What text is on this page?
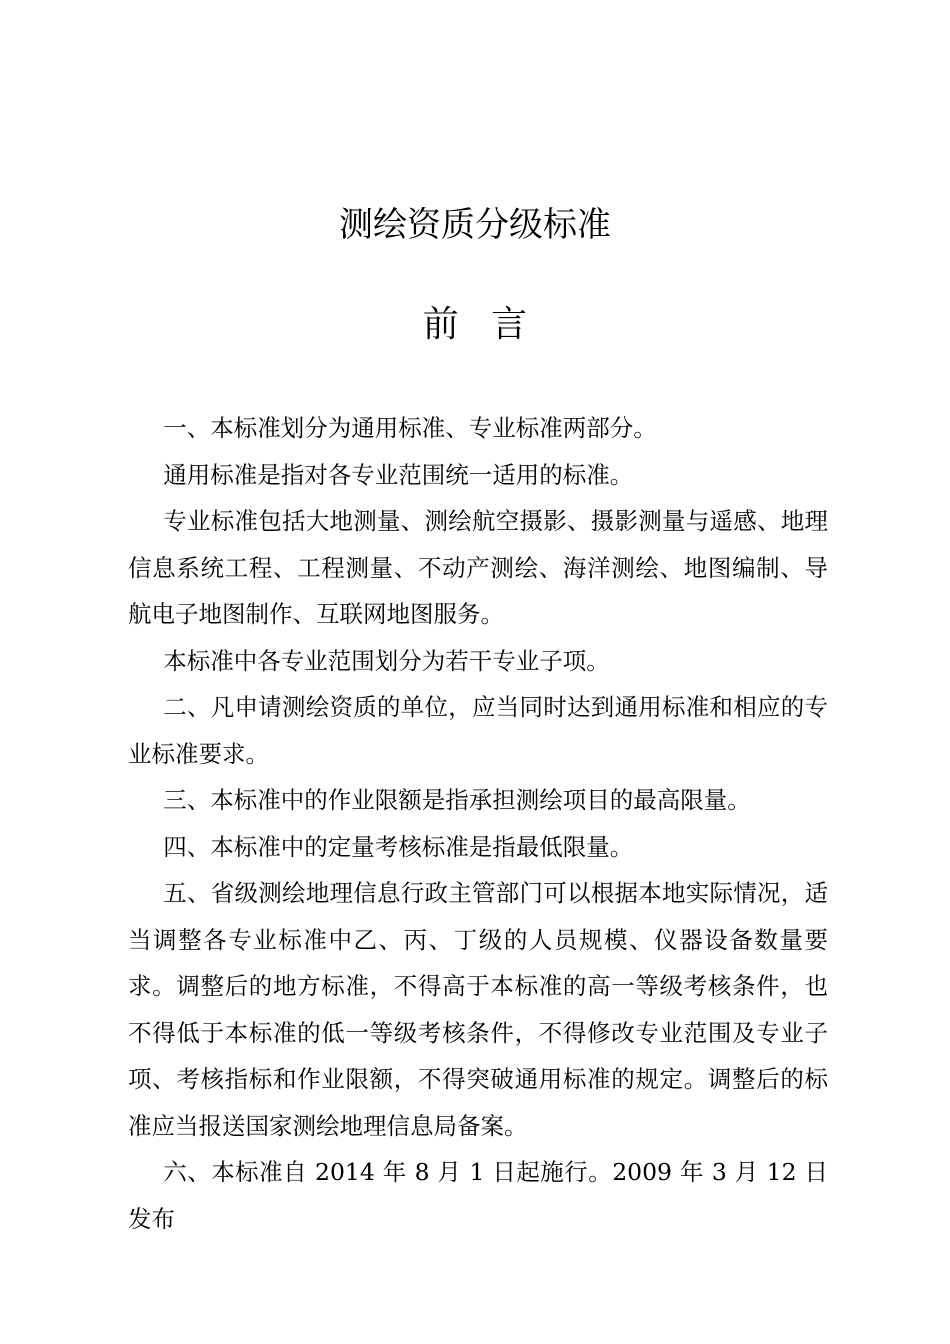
测绘资质分级标准
前言

一、本标准划分为通用标准、专业标准两部分。

通用标准是指对各专业范围统一适用的标准。

专业标准包括大地测量、测绘航空摄影、摄影测量与遥感、地理信息系统工程、工程测量、不动产测绘、海洋测绘、地图编制、导航电子地图制作、互联网地图服务。

本标准中各专业范围划分为若干专业子项。

二、凡申请测绘资质的单位，应当同时达到通用标准和相应的专业标准要求。

三、本标准中的作业限额是指承担测绘项目的最高限量。

四、本标准中的定量考核标准是指最低限量。

五、省级测绘地理信息行政主管部门可以根据本地实际情况，适当调整各专业标准中乙、丙、丁级的人员规模、仪器设备数量要求。调整后的地方标准，不得高于本标准的高一等级考核条件，也不得低于本标准的低一等级考核条件，不得修改专业范围及专业子项、考核指标和作业限额，不得突破通用标准的规定。调整后的标准应当报送国家测绘地理信息局备案。

六、本标准自 2014 年 8 月 1 日起施行。2009 年 3 月 12 日发布
